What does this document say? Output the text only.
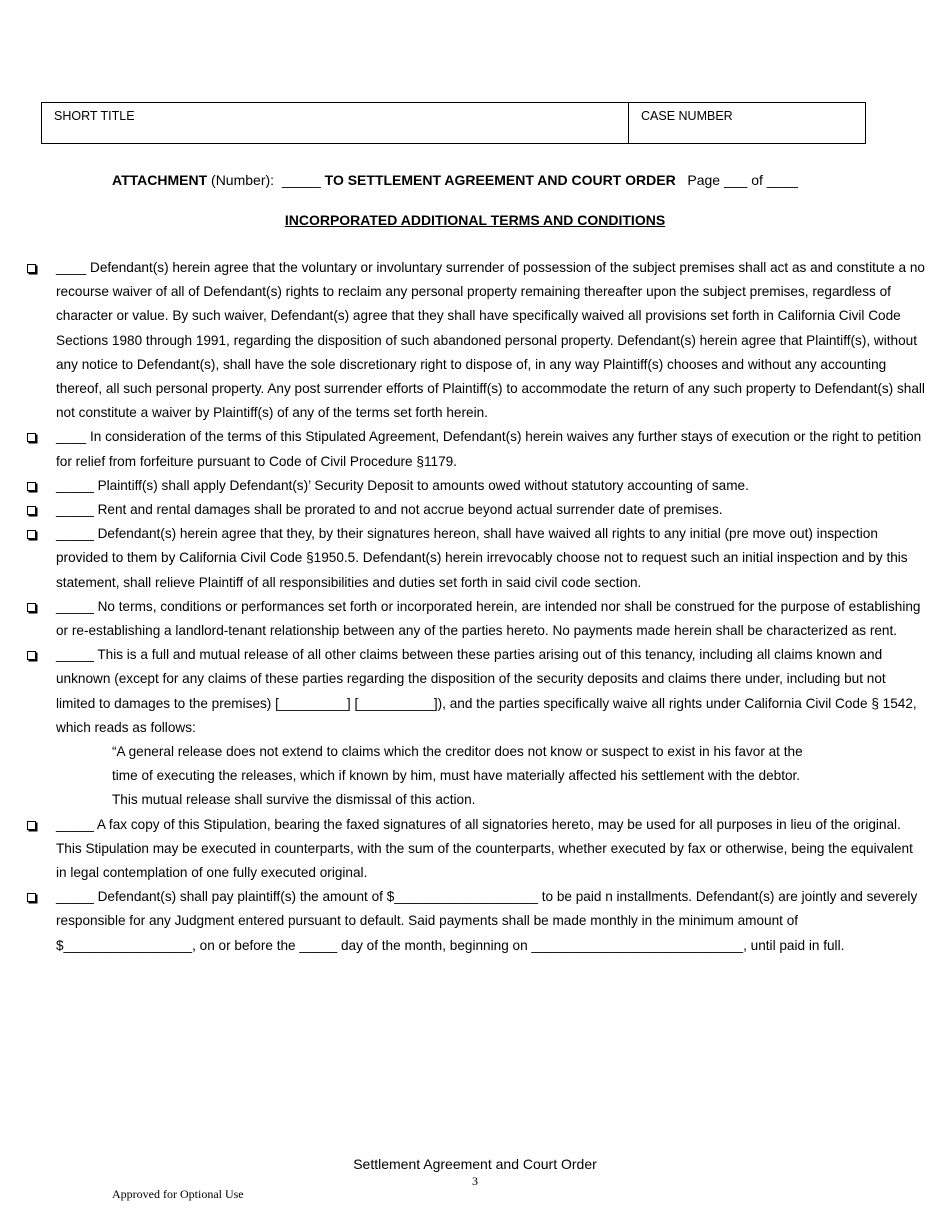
SHORT TITLE	CASE NUMBER
ATTACHMENT (Number):  _____ TO SETTLEMENT AGREEMENT AND COURT ORDER   Page ___ of ____
INCORPORATED ADDITIONAL TERMS AND CONDITIONS
____ Defendant(s) herein agree that the voluntary or involuntary surrender of possession of the subject premises shall act as and constitute a no recourse waiver of all of Defendant(s) rights to reclaim any personal property remaining thereafter upon the subject premises, regardless of character or value. By such waiver, Defendant(s) agree that they shall have specifically waived all provisions set forth in California Civil Code Sections 1980 through 1991, regarding the disposition of such abandoned personal property. Defendant(s) herein agree that Plaintiff(s), without any notice to Defendant(s), shall have the sole discretionary right to dispose of, in any way Plaintiff(s) chooses and without any accounting thereof, all such personal property. Any post surrender efforts of Plaintiff(s) to accommodate the return of any such property to Defendant(s) shall not constitute a waiver by Plaintiff(s) of any of the terms set forth herein.
____ In consideration of the terms of this Stipulated Agreement, Defendant(s) herein waives any further stays of execution or the right to petition for relief from forfeiture pursuant to Code of Civil Procedure §1179.
_____ Plaintiff(s) shall apply Defendant(s)’ Security Deposit to amounts owed without statutory accounting of same.
_____ Rent and rental damages shall be prorated to and not accrue beyond actual surrender date of premises.
_____ Defendant(s) herein agree that they, by their signatures hereon, shall have waived all rights to any initial (pre move out) inspection provided to them by California Civil Code §1950.5. Defendant(s) herein irrevocably choose not to request such an initial inspection and by this statement, shall relieve Plaintiff of all responsibilities and duties set forth in said civil code section.
_____ No terms, conditions or performances set forth or incorporated herein, are intended nor shall be construed for the purpose of establishing or re-establishing a landlord-tenant relationship between any of the parties hereto. No payments made herein shall be characterized as rent.
_____ This is a full and mutual release of all other claims between these parties arising out of this tenancy, including all claims known and unknown (except for any claims of these parties regarding the disposition of the security deposits and claims there under, including but not limited to damages to the premises) [_________] [__________]), and the parties specifically waive all rights under California Civil Code § 1542, which reads as follows:
“A general release does not extend to claims which the creditor does not know or suspect to exist in his favor at the
time of executing the releases, which if known by him, must have materially affected his settlement with the debtor.
This mutual release shall survive the dismissal of this action.
_____ A fax copy of this Stipulation, bearing the faxed signatures of all signatories hereto, may be used for all purposes in lieu of the original. This Stipulation may be executed in counterparts, with the sum of the counterparts, whether executed by fax or otherwise, being the equivalent in legal contemplation of one fully executed original.
_____ Defendant(s) shall pay plaintiff(s) the amount of $___________________ to be paid n installments. Defendant(s) are jointly and severely responsible for any Judgment entered pursuant to default. Said payments shall be made monthly in the minimum amount of $_________________, on or before the _____ day of the month, beginning on ____________________________, until paid in full.
Settlement Agreement and Court Order
3
Approved for Optional Use
